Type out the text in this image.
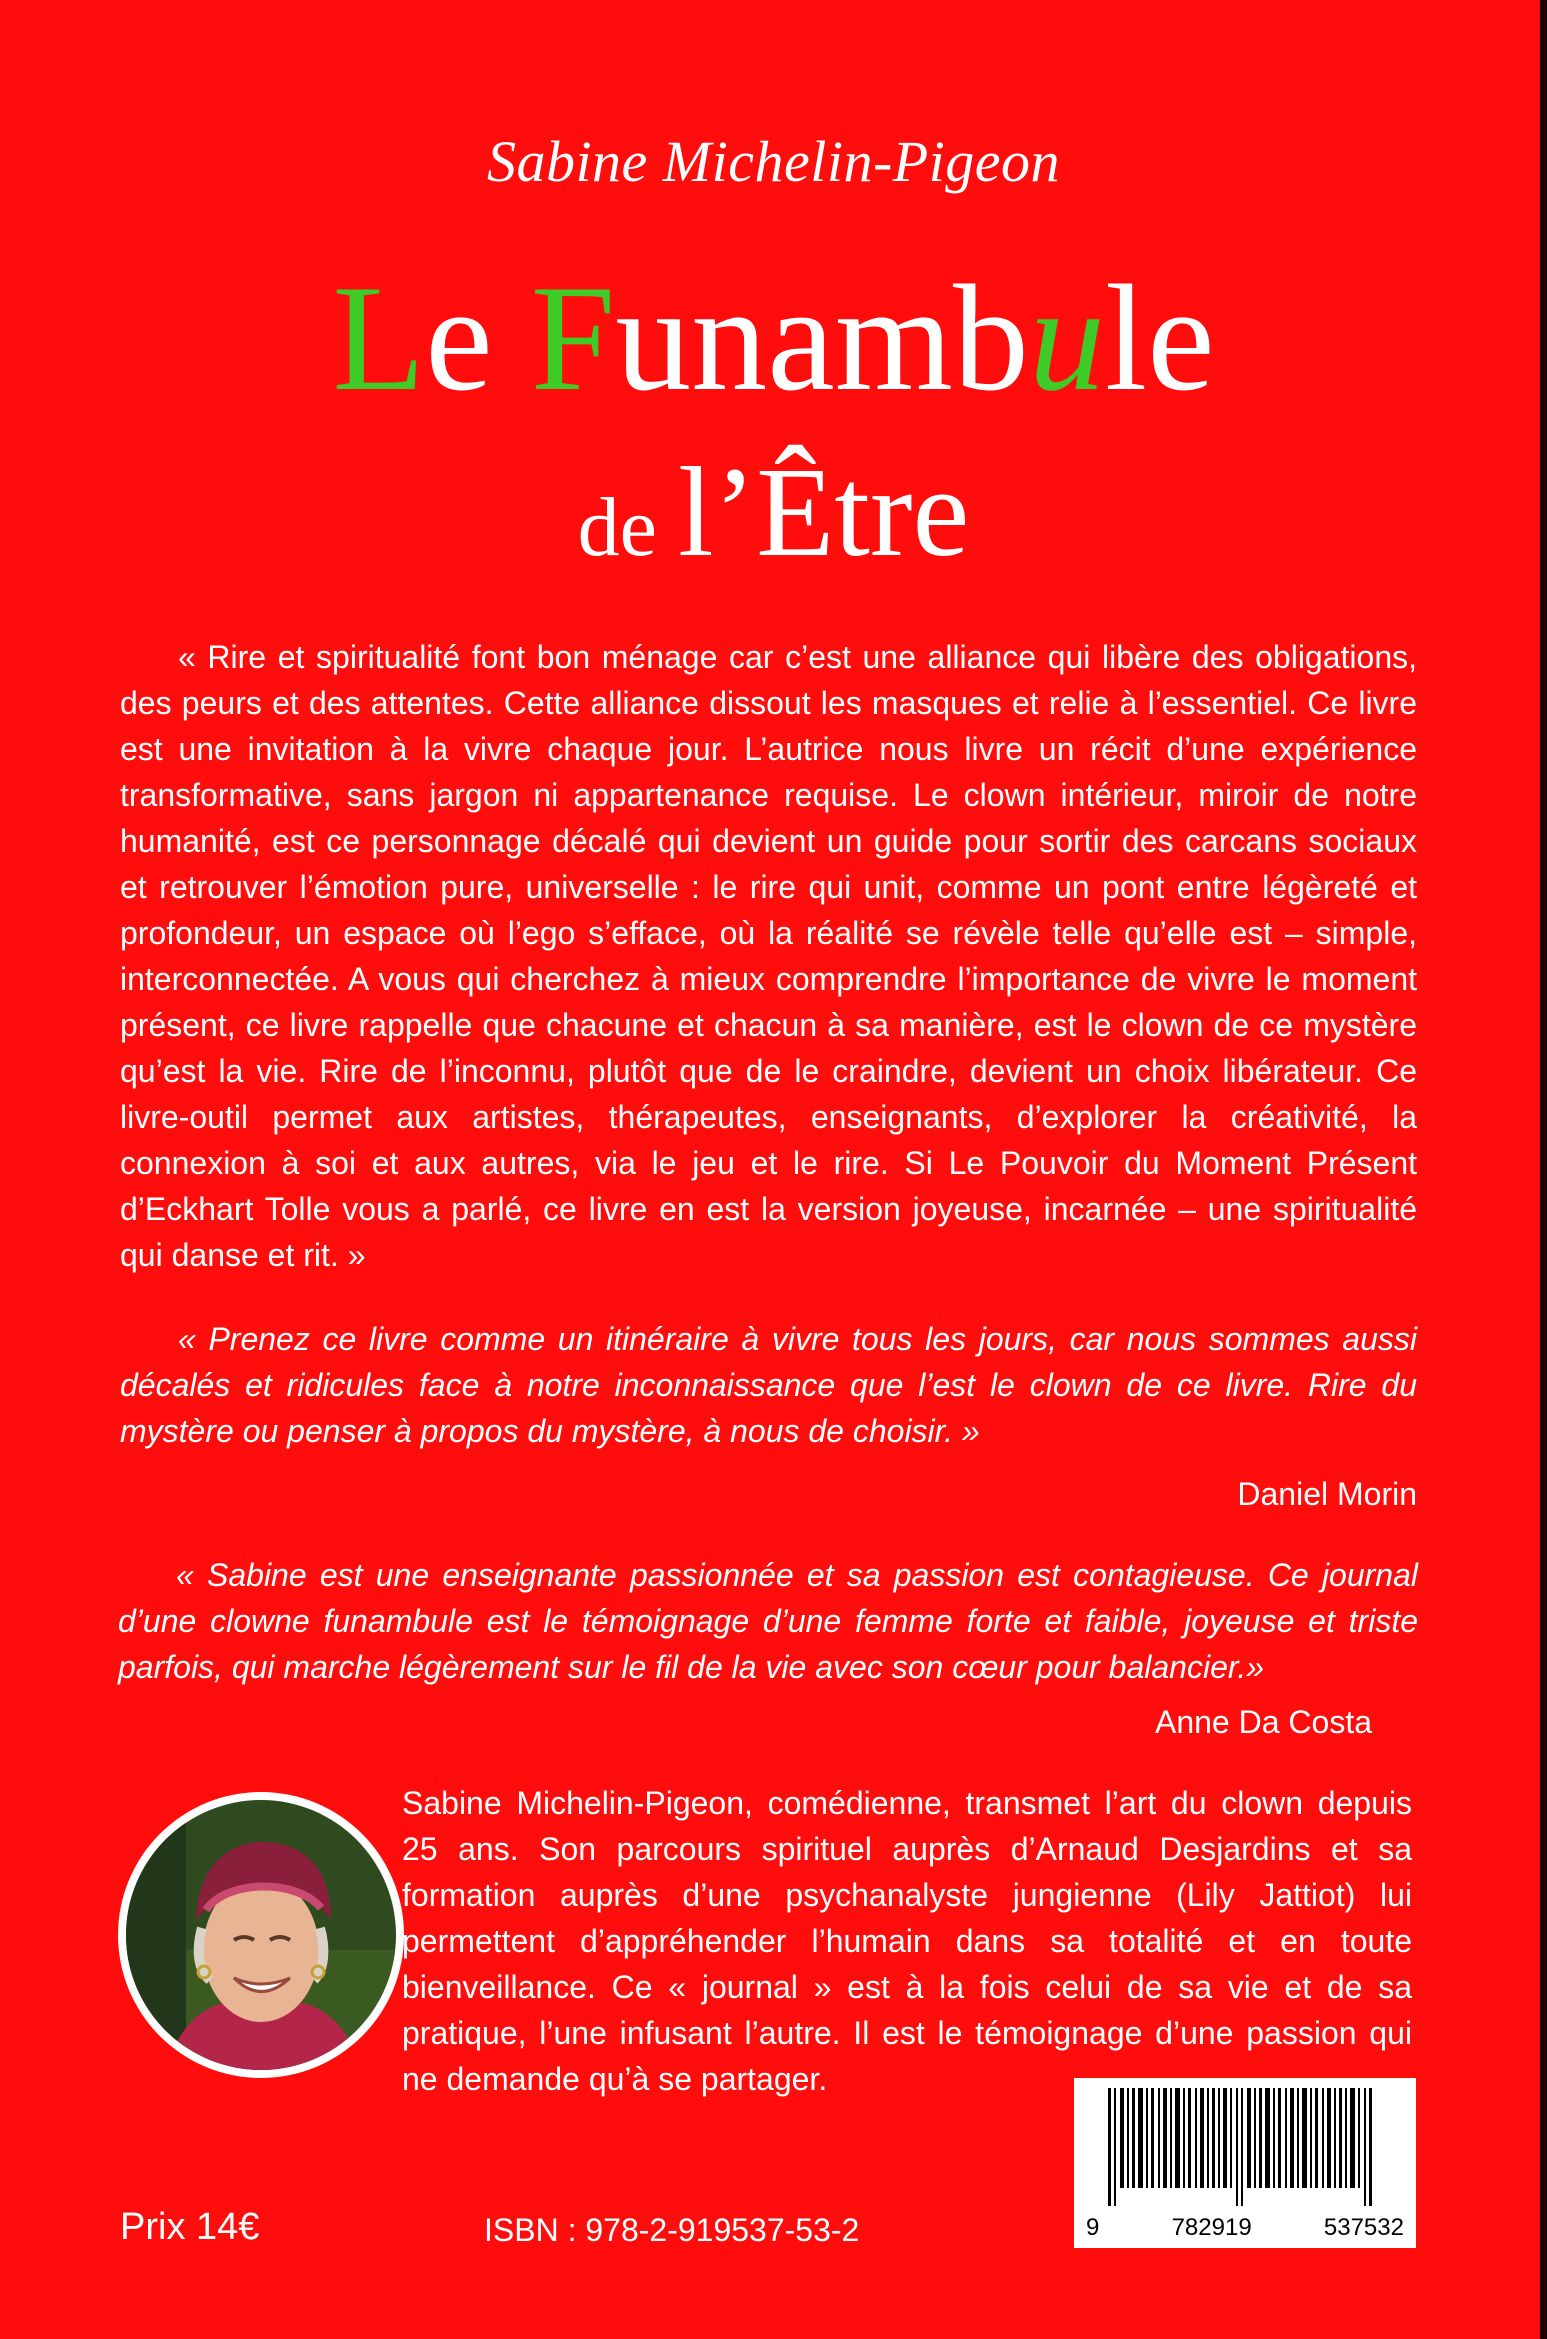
Sabine Michelin-Pigeon
Le Funambule
de l’Être
« Rire et spiritualité font bon ménage car c’est une alliance qui libère des obligations, des peurs et des attentes. Cette alliance dissout les masques et relie à l’essentiel. Ce livre est une invitation à la vivre chaque jour. L’autrice nous livre un récit d’une expérience transformative, sans jargon ni appartenance requise. Le clown intérieur, miroir de notre humanité, est ce personnage décalé qui devient un guide pour sortir des carcans sociaux et retrouver l’émotion pure, universelle : le rire qui unit, comme un pont entre légèreté et profondeur, un espace où l’ego s’efface, où la réalité se révèle telle qu’elle est – simple, interconnectée. A vous qui cherchez à mieux comprendre l’importance de vivre le moment présent, ce livre rappelle que chacune et chacun à sa manière, est le clown de ce mystère qu’est la vie. Rire de l’inconnu, plutôt que de le craindre, devient un choix libérateur. Ce livre-outil permet aux artistes, thérapeutes, enseignants, d’explorer la créativité, la connexion à soi et aux autres, via le jeu et le rire. Si Le Pouvoir du Moment Présent d’Eckhart Tolle vous a parlé, ce livre en est la version joyeuse, incarnée – une spiritualité qui danse et rit. »
« Prenez ce livre comme un itinéraire à vivre tous les jours, car nous sommes aussi décalés et ridicules face à notre inconnaissance que l’est le clown de ce livre. Rire du mystère ou penser à propos du mystère, à nous de choisir. »
Daniel Morin
« Sabine est une enseignante passionnée et sa passion est contagieuse. Ce journal d’une clowne funambule est le témoignage d’une femme forte et faible, joyeuse et triste parfois, qui marche légèrement sur le fil de la vie avec son cœur pour balancier.»
Anne Da Costa
Sabine Michelin-Pigeon, comédienne, transmet l’art du clown depuis 25 ans. Son parcours spirituel auprès d’Arnaud Desjardins et sa formation auprès d’une psychanalyste jungienne (Lily Jattiot) lui permettent d’appréhender l’humain dans sa totalité et en toute bienveillance. Ce « journal » est à la fois celui de sa vie et de sa pratique, l’une infusant l’autre. Il est le témoignage d’une passion qui ne demande qu’à se partager.
9	782919	537532
Prix 14€	ISBN : 978-2-919537-53-2
